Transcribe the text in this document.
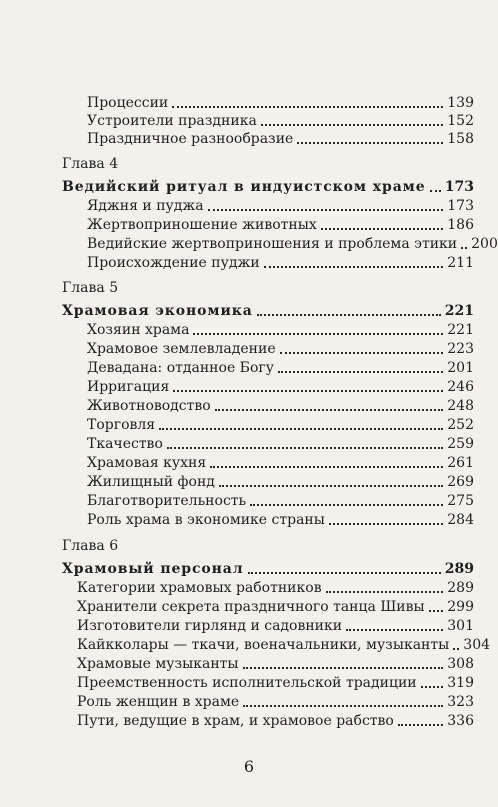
Процессии	139
Устроители праздника	152
Праздничное разнообразие	158
Глава 4
Ведийский ритуал в индуистском храме 173
Яджня и пуджа	173
Жертвоприношение животных	186
Ведийские жертвоприношения и проблема этики 200
Происхождение пуджи	211
Глава 5
Храмовая экономика	221
Хозяин храма	221
Храмовое землевладение	223
Девадана: отданное Богу	201
Ирригация	246
Животноводство	248
Торговля	252
Ткачество	259
Храмовая кухня	261
Жилищный фонд	269
Благотворительность	275
Роль храма в экономике страны	284
Глава 6
Храмовый персонал	289
Категории храмовых работников	289
Хранители секрета праздничного танца Шивы 299
Изготовители гирлянд и садовники	301
Кайкколары — ткачи, военачальники, музыканты 304
Храмовые музыканты	308
Преемственность исполнительской традиции 319
Роль женщин в храме	323
Пути, ведущие в храм, и храмовое рабство	336
6
